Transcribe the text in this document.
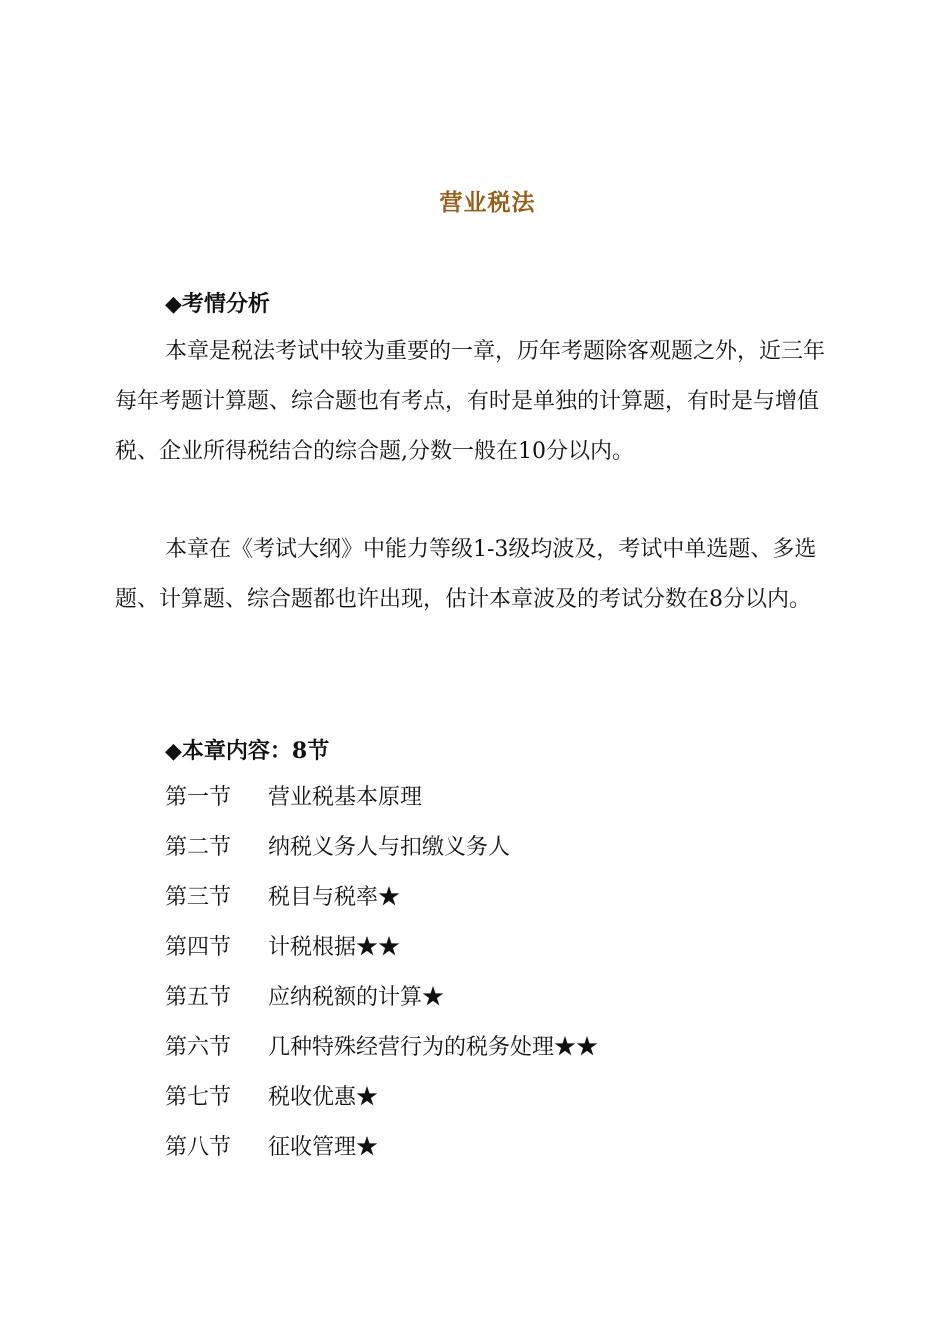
营业税法
◆考情分析
本章是税法考试中较为重要的一章，历年考题除客观题之外，近三年每年考题计算题、综合题也有考点，有时是单独的计算题，有时是与增值税、企业所得税结合的综合题,分数一般在10分以内。
本章在《考试大纲》中能力等级1-3级均波及，考试中单选题、多选题、计算题、综合题都也许出现，估计本章波及的考试分数在8分以内。
◆本章内容：8节
第一节 营业税基本原理
第二节 纳税义务人与扣缴义务人
第三节 税目与税率★
第四节 计税根据★★
第五节 应纳税额的计算★
第六节 几种特殊经营行为的税务处理★★
第七节 税收优惠★
第八节 征收管理★
